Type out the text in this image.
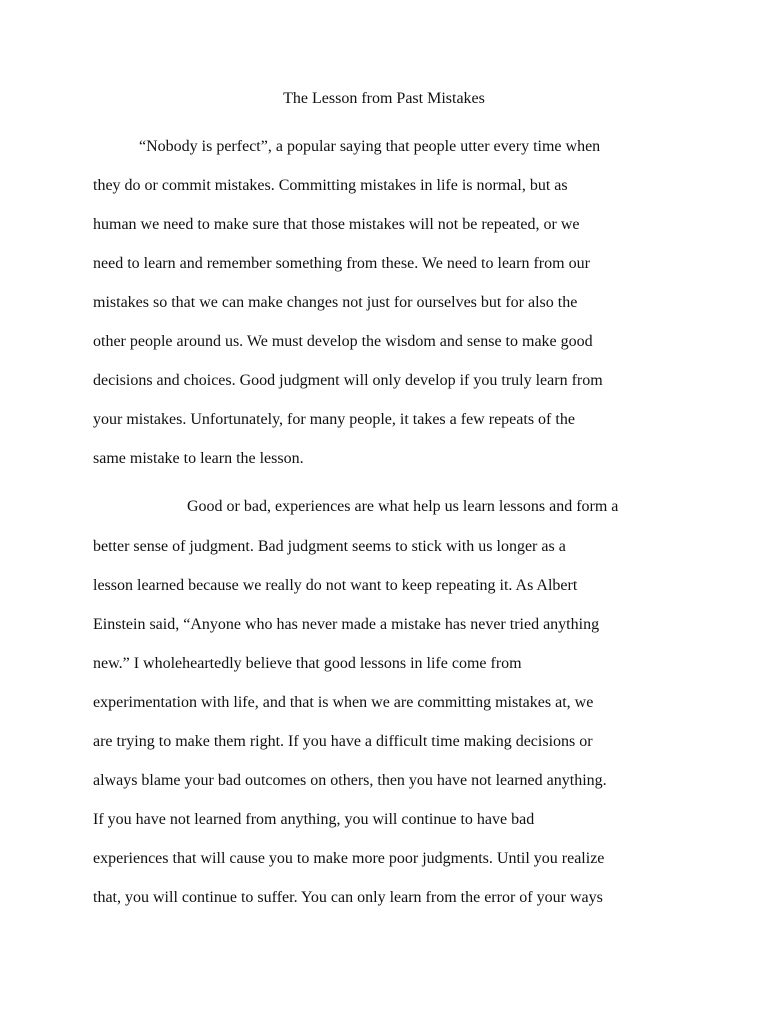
The Lesson from Past Mistakes
“Nobody is perfect”, a popular saying that people utter every time when
they do or commit mistakes. Committing mistakes in life is normal, but as
human we need to make sure that those mistakes will not be repeated, or we
need to learn and remember something from these. We need to learn from our
mistakes so that we can make changes not just for ourselves but for also the
other people around us. We must develop the wisdom and sense to make good
decisions and choices. Good judgment will only develop if you truly learn from
your mistakes. Unfortunately, for many people, it takes a few repeats of the
same mistake to learn the lesson.
Good or bad, experiences are what help us learn lessons and form a
better sense of judgment. Bad judgment seems to stick with us longer as a
lesson learned because we really do not want to keep repeating it. As Albert
Einstein said, “Anyone who has never made a mistake has never tried anything
new.” I wholeheartedly believe that good lessons in life come from
experimentation with life, and that is when we are committing mistakes at, we
are trying to make them right. If you have a difficult time making decisions or
always blame your bad outcomes on others, then you have not learned anything.
If you have not learned from anything, you will continue to have bad
experiences that will cause you to make more poor judgments. Until you realize
that, you will continue to suffer. You can only learn from the error of your ways
